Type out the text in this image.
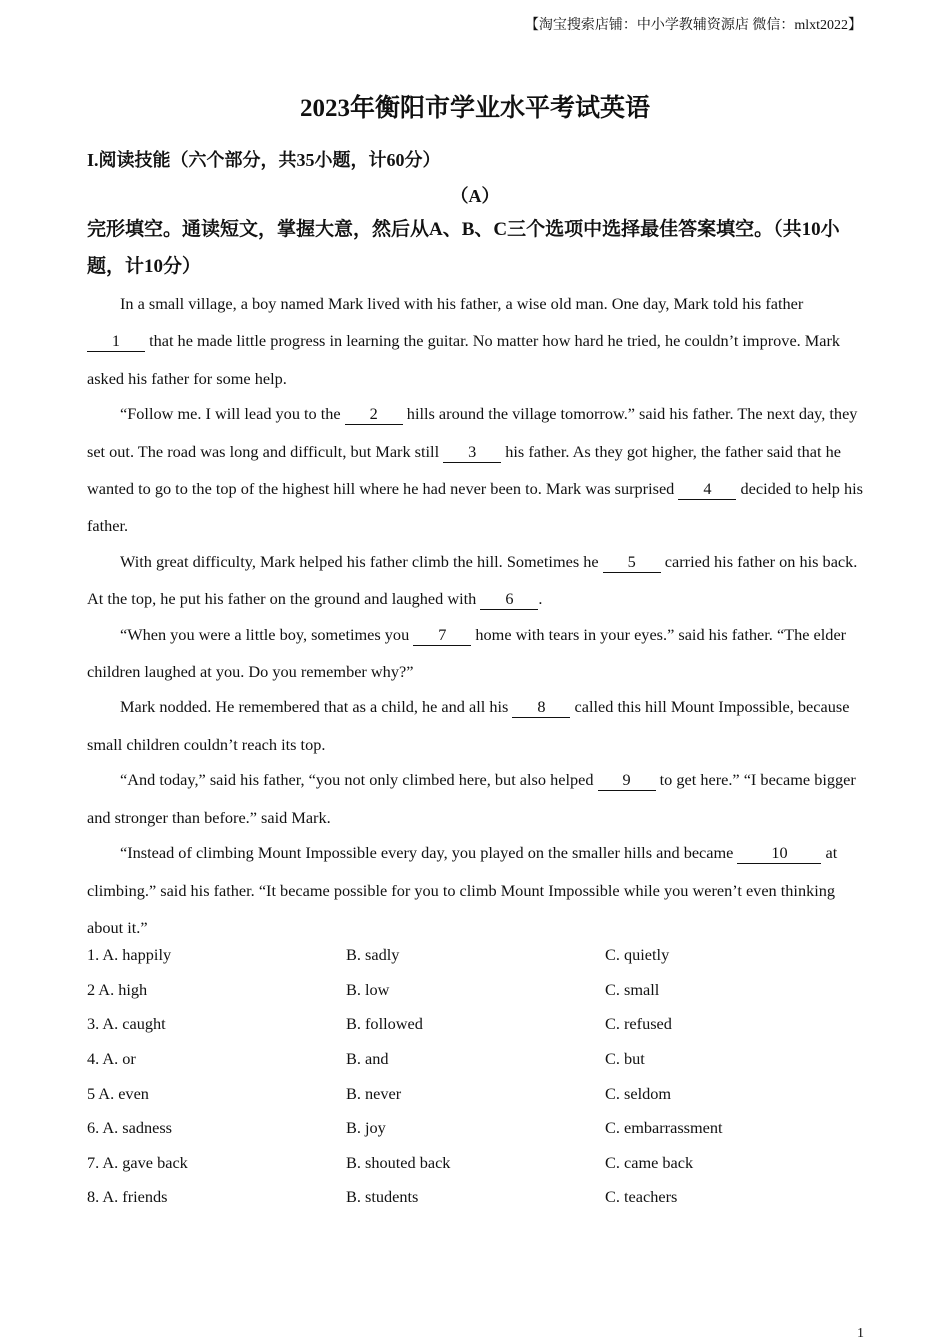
【淘宝搜索店铺：中小学教辅资源店 微信：mlxt2022】
2023年衡阳市学业水平考试英语
I.阅读技能（六个部分，共35小题，计60分）
（A）
完形填空。通读短文，掌握大意，然后从A、B、C三个选项中选择最佳答案填空。（共10小题，计10分）

In a small village, a boy named Mark lived with his father, a wise old man. One day, Mark told his father 1 that he made little progress in learning the guitar. No matter how hard he tried, he couldn’t improve. Mark asked his father for some help.

“Follow me. I will lead you to the 2 hills around the village tomorrow.” said his father. The next day, they set out. The road was long and difficult, but Mark still 3 his father. As they got higher, the father said that he wanted to go to the top of the highest hill where he had never been to. Mark was surprised 4 decided to help his father.

With great difficulty, Mark helped his father climb the hill. Sometimes he 5 carried his father on his back. At the top, he put his father on the ground and laughed with 6 .

“When you were a little boy, sometimes you 7 home with tears in your eyes.” said his father. “The elder children laughed at you. Do you remember why?”

Mark nodded. He remembered that as a child, he and all his 8 called this hill Mount Impossible, because small children couldn’t reach its top.

“And today,” said his father, “you not only climbed here, but also helped 9 to get here.” “I became bigger and stronger than before.” said Mark.

“Instead of climbing Mount Impossible every day, you played on the smaller hills and became 10 at climbing.” said his father. “It became possible for you to climb Mount Impossible while you weren’t even thinking about it.”

1. A. happily	B. sadly	C. quietly
2 A. high	B. low	C. small
3. A. caught	B. followed	C. refused
4. A. or	B. and	C. but
5 A. even	B. never	C. seldom
6. A. sadness	B. joy	C. embarrassment
7. A. gave back	B. shouted back	C. came back
8. A. friends	B. students	C. teachers
1
